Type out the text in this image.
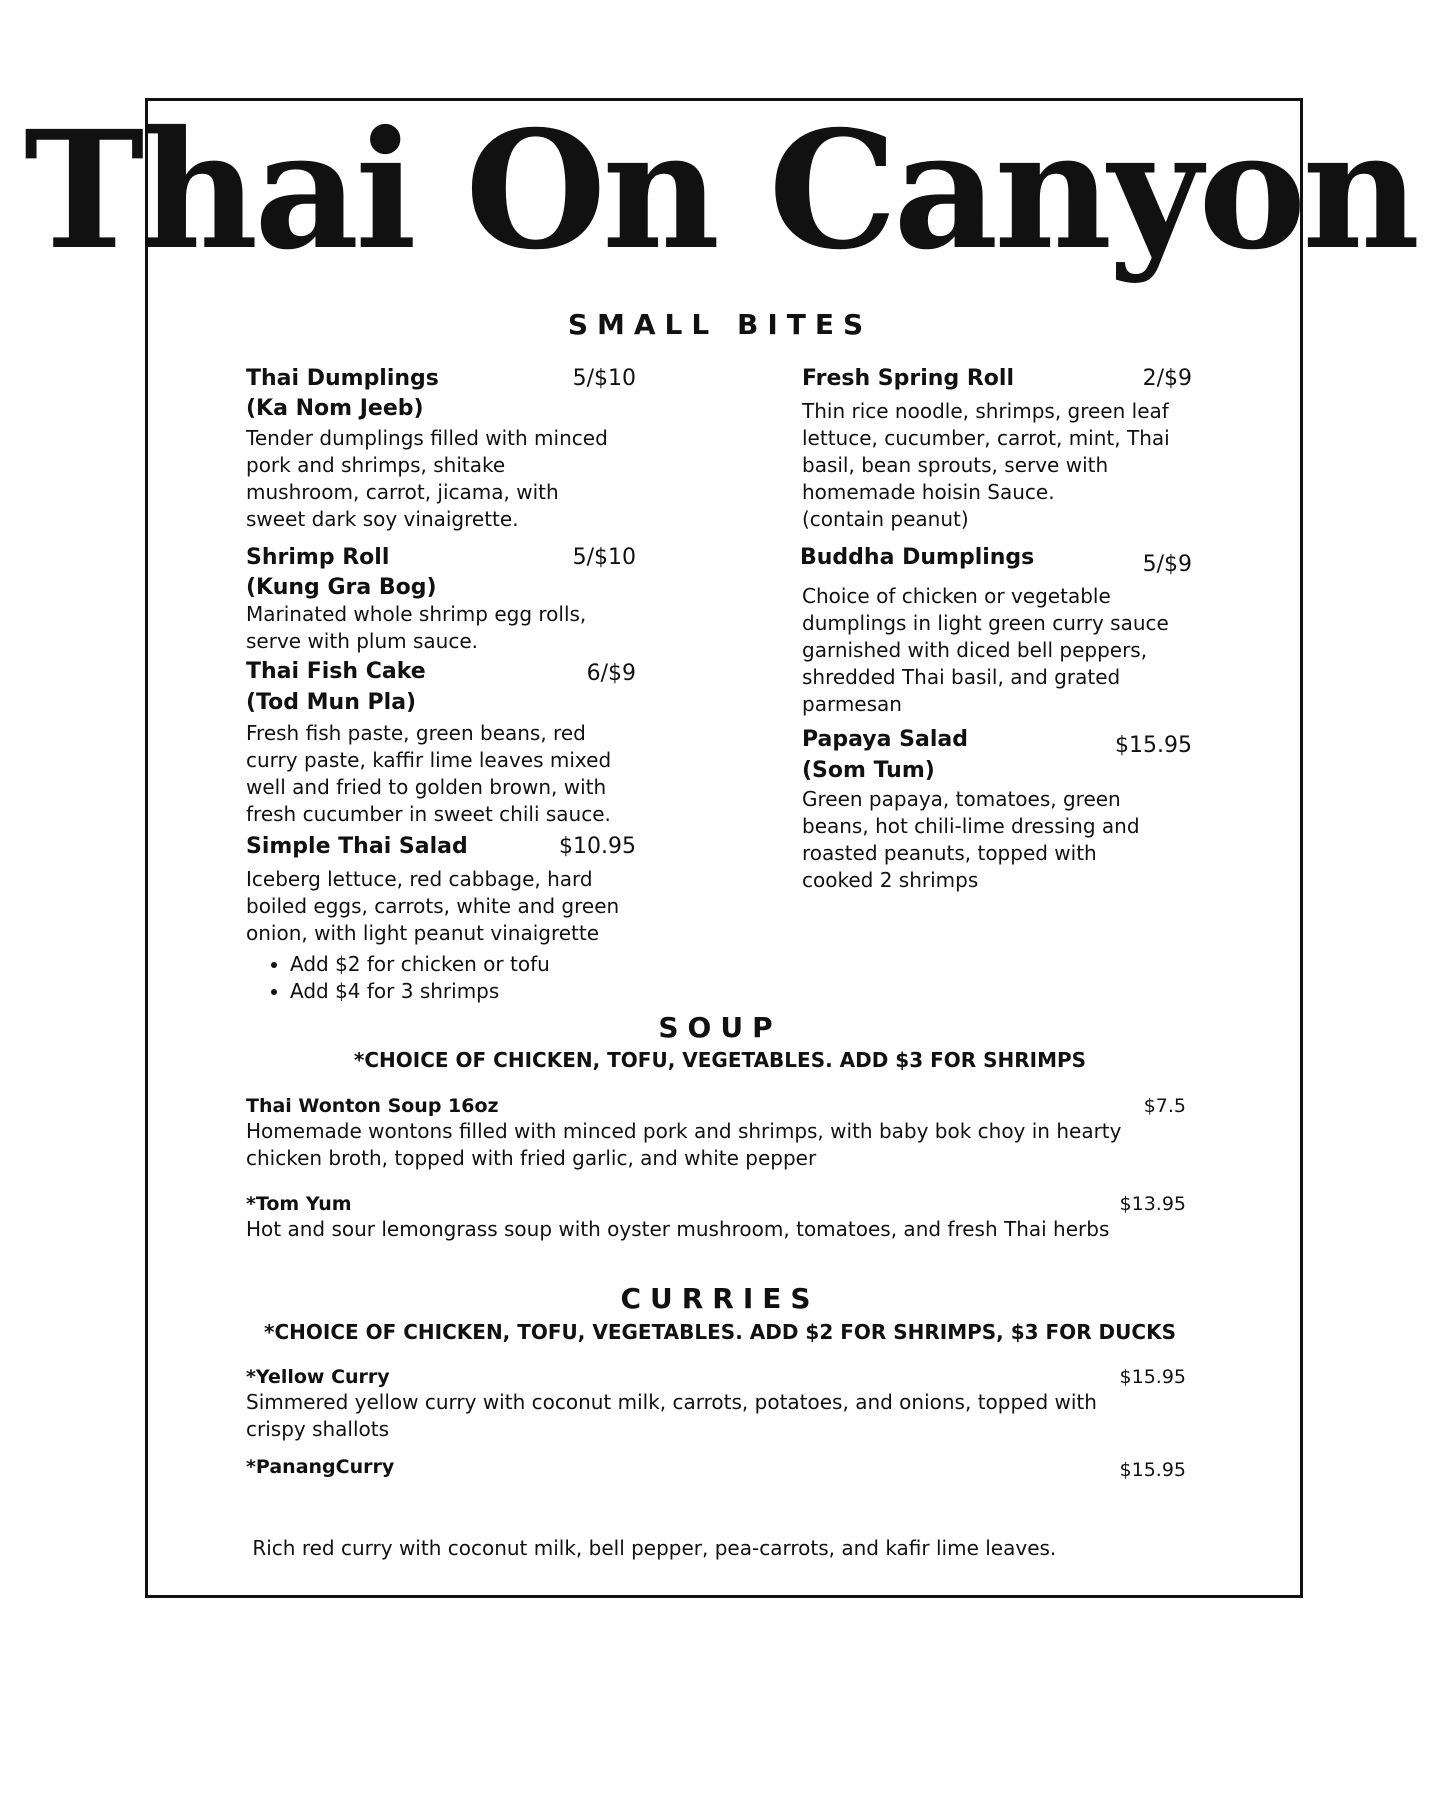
Thai On Canyon
SMALL BITES
Thai Dumplings	5/$10
(Ka Nom Jeeb)
Tender dumplings filled with minced
pork and shrimps, shitake
mushroom, carrot, jicama, with
sweet dark soy vinaigrette.
Shrimp Roll	5/$10
(Kung Gra Bog)
Marinated whole shrimp egg rolls,
serve with plum sauce.
Thai Fish Cake	6/$9
(Tod Mun Pla)
Fresh fish paste, green beans, red
curry paste, kaffir lime leaves mixed
well and fried to golden brown, with
fresh cucumber in sweet chili sauce.
Simple Thai Salad	$10.95
Iceberg lettuce, red cabbage, hard
boiled eggs, carrots, white and green
onion, with light peanut vinaigrette
• Add $2 for chicken or tofu
• Add $4 for 3 shrimps
Fresh Spring Roll	2/$9
Thin rice noodle, shrimps, green leaf
lettuce, cucumber, carrot, mint, Thai
basil, bean sprouts, serve with
homemade hoisin Sauce.
(contain peanut)
Buddha Dumplings	5/$9
Choice of chicken or vegetable
dumplings in light green curry sauce
garnished with diced bell peppers,
shredded Thai basil, and grated
parmesan
Papaya Salad	$15.95
(Som Tum)
Green papaya, tomatoes, green
beans, hot chili-lime dressing and
roasted peanuts, topped with
cooked 2 shrimps
SOUP
*CHOICE OF CHICKEN, TOFU, VEGETABLES. ADD $3 FOR SHRIMPS
Thai Wonton Soup 16oz	$7.5
Homemade wontons filled with minced pork and shrimps, with baby bok choy in hearty
chicken broth, topped with fried garlic, and white pepper
*Tom Yum	$13.95
Hot and sour lemongrass soup with oyster mushroom, tomatoes, and fresh Thai herbs
CURRIES
*CHOICE OF CHICKEN, TOFU, VEGETABLES. ADD $2 FOR SHRIMPS, $3 FOR DUCKS
*Yellow Curry	$15.95
Simmered yellow curry with coconut milk, carrots, potatoes, and onions, topped with
crispy shallots
*PanangCurry	$15.95

Rich red curry with coconut milk, bell pepper, pea-carrots, and kafir lime leaves.
